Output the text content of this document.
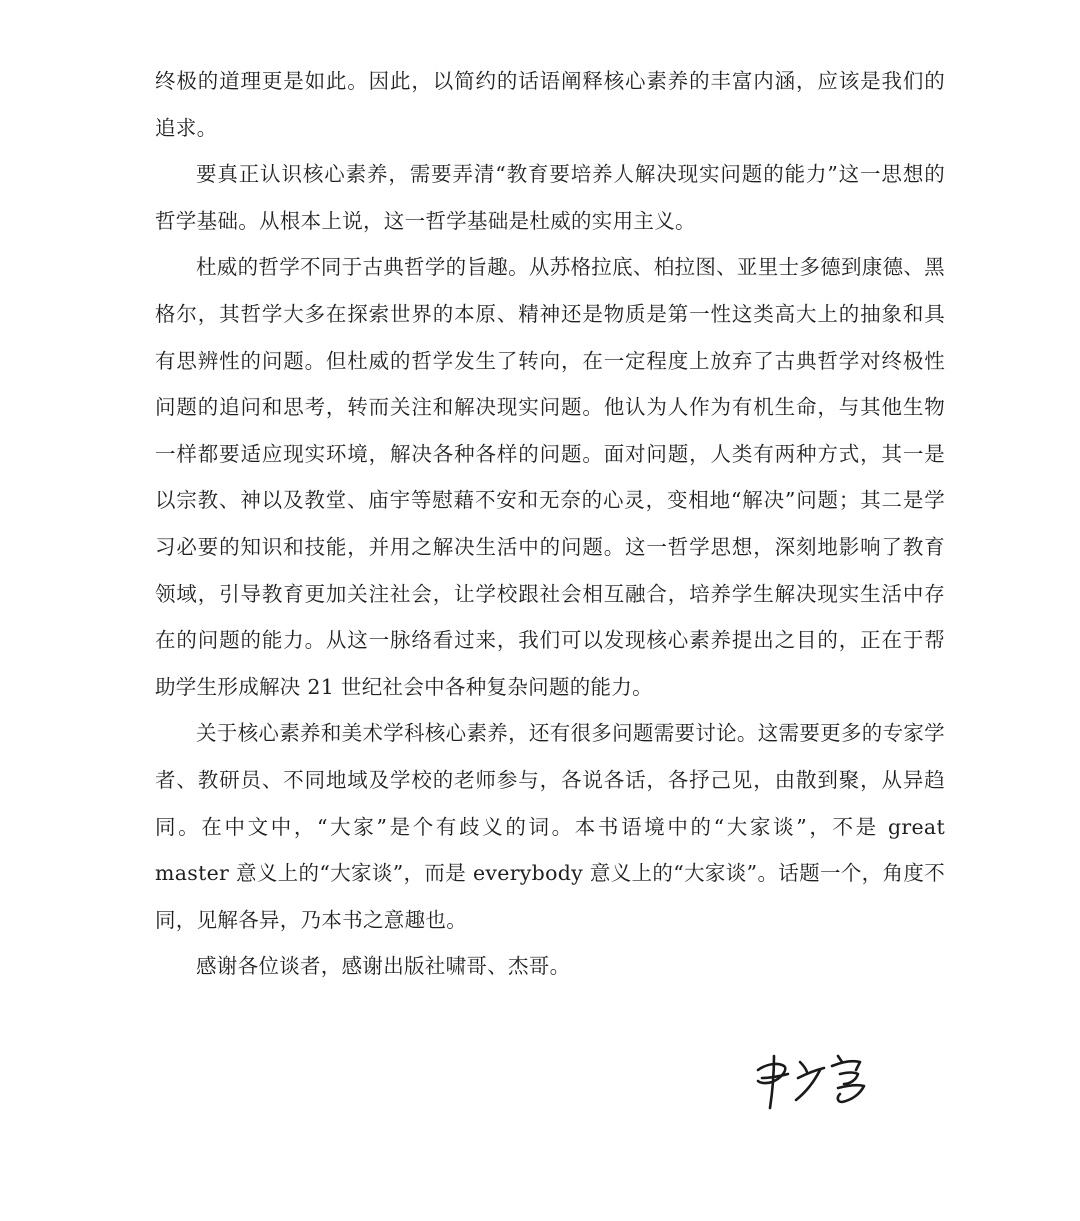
终极的道理更是如此。因此，以简约的话语阐释核心素养的丰富内涵，应该是我们的追求。

要真正认识核心素养，需要弄清“教育要培养人解决现实问题的能力”这一思想的哲学基础。从根本上说，这一哲学基础是杜威的实用主义。

杜威的哲学不同于古典哲学的旨趣。从苏格拉底、柏拉图、亚里士多德到康德、黑格尔，其哲学大多在探索世界的本原、精神还是物质是第一性这类高大上的抽象和具有思辨性的问题。但杜威的哲学发生了转向，在一定程度上放弃了古典哲学对终极性问题的追问和思考，转而关注和解决现实问题。他认为人作为有机生命，与其他生物一样都要适应现实环境，解决各种各样的问题。面对问题，人类有两种方式，其一是以宗教、神以及教堂、庙宇等慰藉不安和无奈的心灵，变相地“解决”问题；其二是学习必要的知识和技能，并用之解决生活中的问题。这一哲学思想，深刻地影响了教育领域，引导教育更加关注社会，让学校跟社会相互融合，培养学生解决现实生活中存在的问题的能力。从这一脉络看过来，我们可以发现核心素养提出之目的，正在于帮助学生形成解决 21 世纪社会中各种复杂问题的能力。

关于核心素养和美术学科核心素养，还有很多问题需要讨论。这需要更多的专家学者、教研员、不同地域及学校的老师参与，各说各话，各抒己见，由散到聚，从异趋同。在中文中，“大家”是个有歧义的词。本书语境中的“大家谈”，不是 great master 意义上的“大家谈”，而是 everybody 意义上的“大家谈”。话题一个，角度不同，见解各异，乃本书之意趣也。

感谢各位谈者，感谢出版社啸哥、杰哥。
